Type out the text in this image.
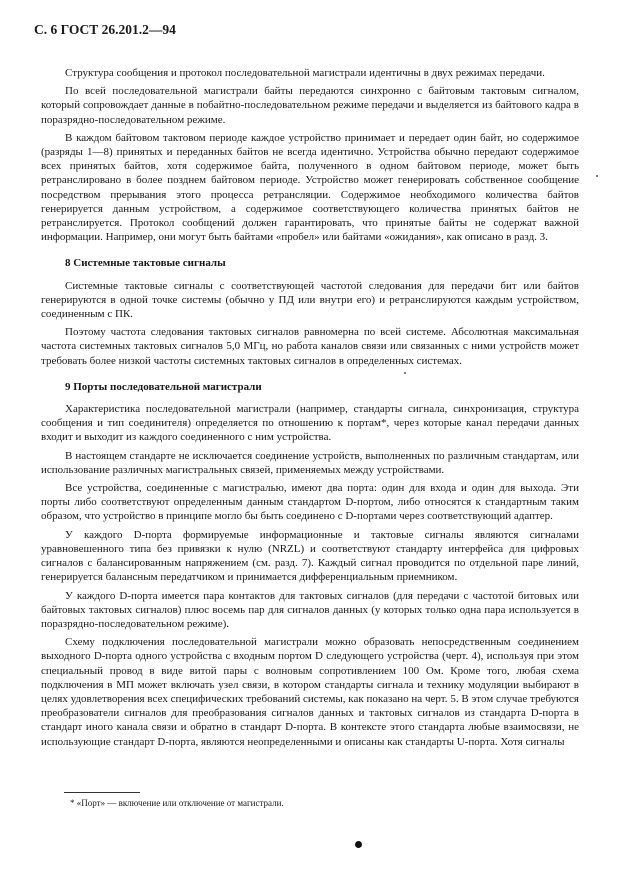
С. 6 ГОСТ 26.201.2—94

Структура сообщения и протокол последовательной магистрали идентичны в двух режимах передачи.

По всей последовательной магистрали байты передаются синхронно с байтовым тактовым сигналом, который сопровождает данные в побайтно-последовательном режиме передачи и выделяется из байтового кадра в поразрядно-последовательном режиме.

В каждом байтовом тактовом периоде каждое устройство принимает и передает один байт, но содержимое (разряды 1—8) принятых и переданных байтов не всегда идентично. Устройства обычно передают содержимое всех принятых байтов, хотя содержимое байта, полученного в одном байтовом периоде, может быть ретранслировано в более позднем байтовом периоде. Устройство может генерировать собственное сообщение посредством прерывания этого процесса ретрансляции. Содержимое необходимого количества байтов генерируется данным устройством, а содержимое соответствующего количества принятых байтов не ретранслируется. Протокол сообщений должен гарантировать, что принятые байты не содержат важной информации. Например, они могут быть байтами «пробел» или байтами «ожидания», как описано в разд. 3.

8 Системные тактовые сигналы

Системные тактовые сигналы с соответствующей частотой следования для передачи бит или байтов генерируются в одной точке системы (обычно у ПД или внутри его) и ретранслируются каждым устройством, соединенным с ПК.

Поэтому частота следования тактовых сигналов равномерна по всей системе. Абсолютная максимальная частота системных тактовых сигналов 5,0 МГц, но работа каналов связи или связанных с ними устройств может требовать более низкой частоты системных тактовых сигналов в определенных системах.

9 Порты последовательной магистрали

Характеристика последовательной магистрали (например, стандарты сигнала, синхронизация, структура сообщения и тип соединителя) определяется по отношению к портам*, через которые канал передачи данных входит и выходит из каждого соединенного с ним устройства.

В настоящем стандарте не исключается соединение устройств, выполненных по различным стандартам, или использование различных магистральных связей, применяемых между устройствами.

Все устройства, соединенные с магистралью, имеют два порта: один для входа и один для выхода. Эти порты либо соответствуют определенным данным стандартом D-портом, либо относятся к стандартным таким образом, что устройство в принципе могло бы быть соединено с D-портами через соответствующий адаптер.

У каждого D-порта формируемые информационные и тактовые сигналы являются сигналами уравновешенного типа без привязки к нулю (NRZL) и соответствуют стандарту интерфейса для цифровых сигналов с балансированным напряжением (см. разд. 7). Каждый сигнал проводится по отдельной паре линий, генерируется балансным передатчиком и принимается дифференциальным приемником.

У каждого D-порта имеется пара контактов для тактовых сигналов (для передачи с частотой битовых или байтовых тактовых сигналов) плюс восемь пар для сигналов данных (у которых только одна пара используется в поразрядно-последовательном режиме).

Схему подключения последовательной магистрали можно образовать непосредственным соединением выходного D-порта одного устройства с входным портом D следующего устройства (черт. 4), используя при этом специальный провод в виде витой пары с волновым сопротивлением 100 Ом. Кроме того, любая схема подключения в МП может включать узел связи, в котором стандарты сигнала и технику модуляции выбирают в целях удовлетворения всех специфических требований системы, как показано на черт. 5. В этом случае требуются преобразователи сигналов для преобразования сигналов данных и тактовых сигналов из стандарта D-порта в стандарт иного канала связи и обратно в стандарт D-порта. В контексте этого стандарта любые взаимосвязи, не использующие стандарт D-порта, являются неопределенными и описаны как стандарты U-порта. Хотя сигналы

* «Порт» — включение или отключение от магистрали.
